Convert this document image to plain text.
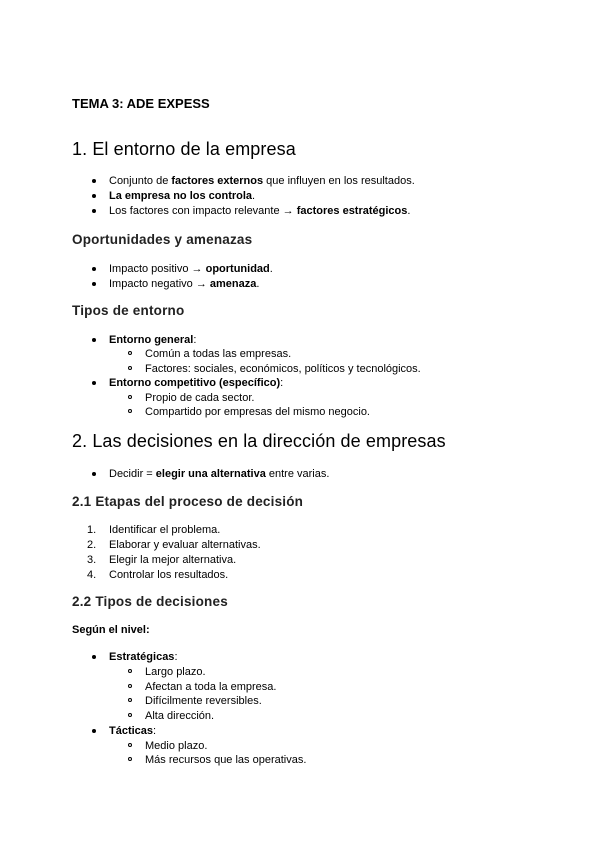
TEMA 3: ADE EXPESS
1. El entorno de la empresa
Conjunto de factores externos que influyen en los resultados.
La empresa no los controla.
Los factores con impacto relevante → factores estratégicos.
Oportunidades y amenazas
Impacto positivo → oportunidad.
Impacto negativo → amenaza.
Tipos de entorno
Entorno general:
Común a todas las empresas.
Factores: sociales, económicos, políticos y tecnológicos.
Entorno competitivo (específico):
Propio de cada sector.
Compartido por empresas del mismo negocio.
2. Las decisiones en la dirección de empresas
Decidir = elegir una alternativa entre varias.
2.1 Etapas del proceso de decisión
1. Identificar el problema.
2. Elaborar y evaluar alternativas.
3. Elegir la mejor alternativa.
4. Controlar los resultados.
2.2 Tipos de decisiones
Según el nivel:
Estratégicas:
Largo plazo.
Afectan a toda la empresa.
Difícilmente reversibles.
Alta dirección.
Tácticas:
Medio plazo.
Más recursos que las operativas.
